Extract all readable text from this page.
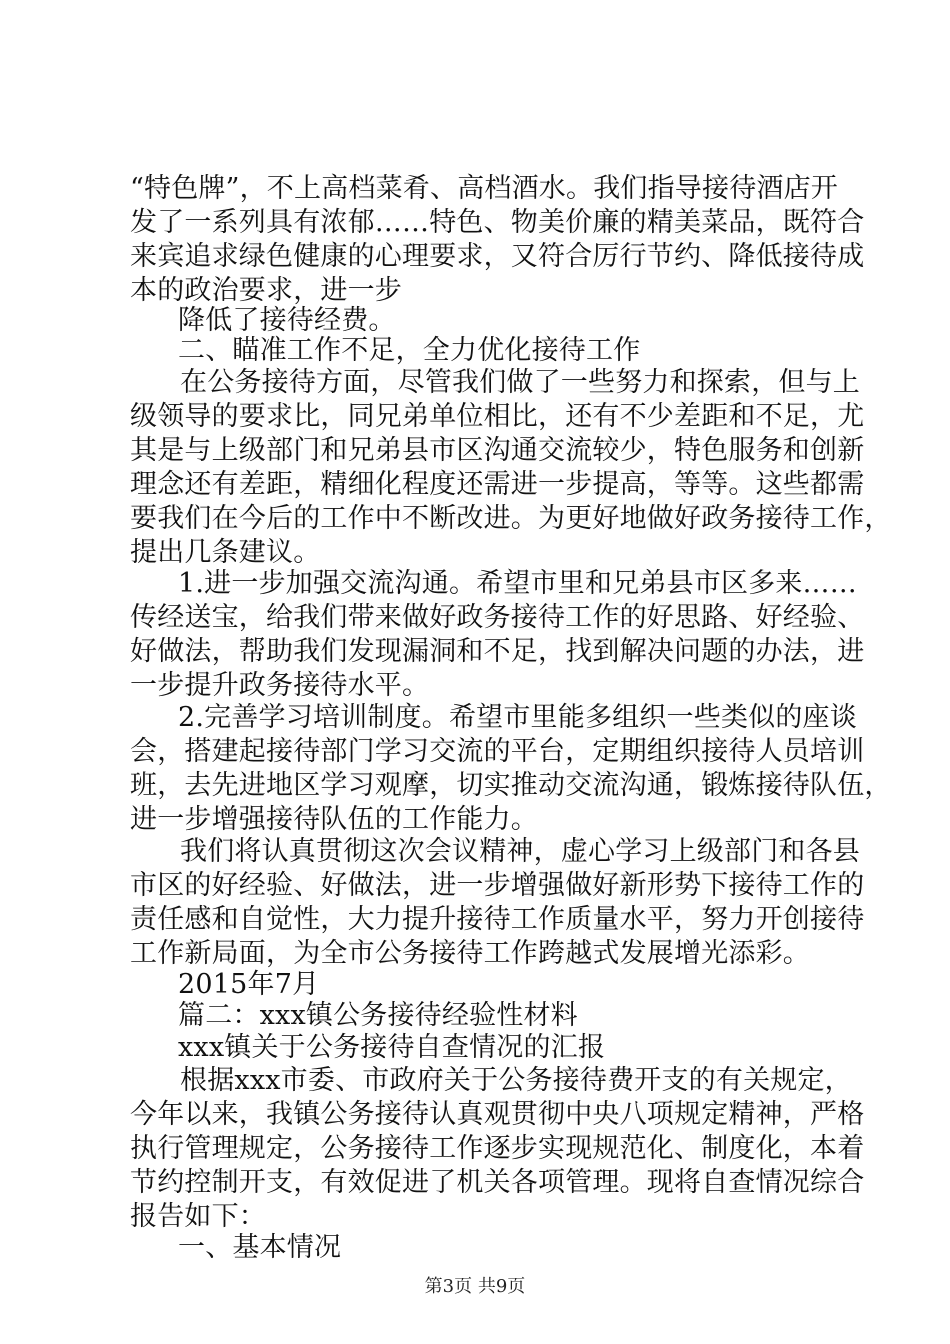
“特色牌”，不上高档菜肴、高档酒水。我们指导接待酒店开
发了一系列具有浓郁……特色、物美价廉的精美菜品，既符合
来宾追求绿色健康的心理要求，又符合厉行节约、降低接待成
本的政治要求，进一步
降低了接待经费。
二、瞄准工作不足，全力优化接待工作
在公务接待方面，尽管我们做了一些努力和探索，但与上
级领导的要求比，同兄弟单位相比，还有不少差距和不足，尤
其是与上级部门和兄弟县市区沟通交流较少，特色服务和创新
理念还有差距，精细化程度还需进一步提高，等等。这些都需
要我们在今后的工作中不断改进。为更好地做好政务接待工作，
提出几条建议。
1.进一步加强交流沟通。希望市里和兄弟县市区多来……
传经送宝，给我们带来做好政务接待工作的好思路、好经验、
好做法，帮助我们发现漏洞和不足，找到解决问题的办法，进
一步提升政务接待水平。
2.完善学习培训制度。希望市里能多组织一些类似的座谈
会，搭建起接待部门学习交流的平台，定期组织接待人员培训
班，去先进地区学习观摩，切实推动交流沟通，锻炼接待队伍，
进一步增强接待队伍的工作能力。
我们将认真贯彻这次会议精神，虚心学习上级部门和各县
市区的好经验、好做法，进一步增强做好新形势下接待工作的
责任感和自觉性，大力提升接待工作质量水平，努力开创接待
工作新局面，为全市公务接待工作跨越式发展增光添彩。
2015年7月
篇二：xxx镇公务接待经验性材料
xxx镇关于公务接待自查情况的汇报
根据xxx市委、市政府关于公务接待费开支的有关规定，
今年以来，我镇公务接待认真观贯彻中央八项规定精神，严格
执行管理规定，公务接待工作逐步实现规范化、制度化，本着
节约控制开支，有效促进了机关各项管理。现将自查情况综合
报告如下：
一、基本情况
第3页 共9页
